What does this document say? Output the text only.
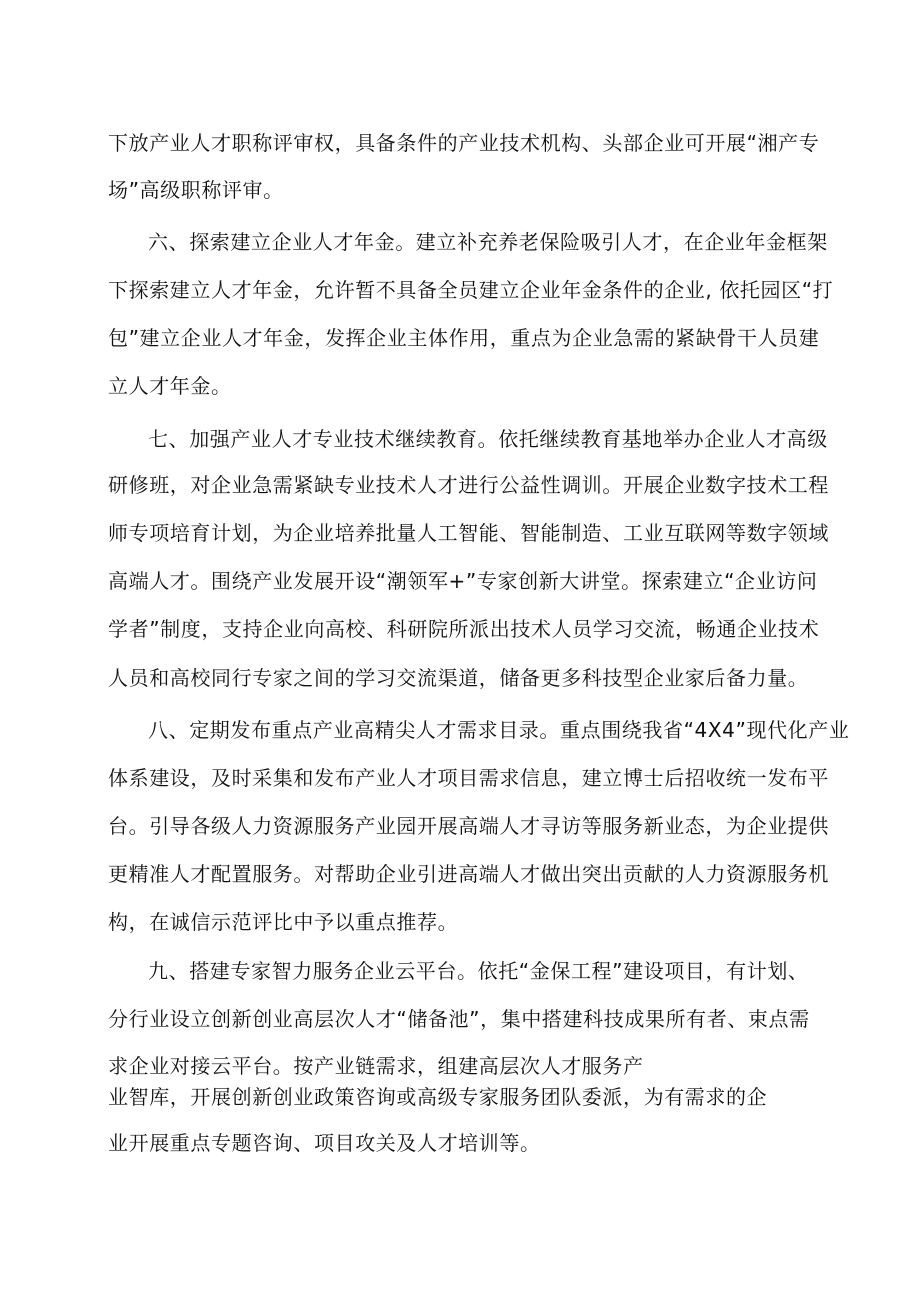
下放产业人才职称评审权，具备条件的产业技术机构、头部企业可开展“湘产专
场”高级职称评审。
六、探索建立企业人才年金。建立补充养老保险吸引人才，在企业年金框架
下探索建立人才年金，允许暂不具备全员建立企业年金条件的企业, 依托园区“打
包”建立企业人才年金，发挥企业主体作用，重点为企业急需的紧缺骨干人员建
立人才年金。
七、加强产业人才专业技术继续教育。依托继续教育基地举办企业人才高级
研修班，对企业急需紧缺专业技术人才进行公益性调训。开展企业数字技术工程
师专项培育计划，为企业培养批量人工智能、智能制造、工业互联网等数字领域
高端人才。围绕产业发展开设“潮领军+”专家创新大讲堂。探索建立“企业访问
学者”制度，支持企业向高校、科研院所派出技术人员学习交流，畅通企业技术
人员和高校同行专家之间的学习交流渠道，储备更多科技型企业家后备力量。
八、定期发布重点产业高精尖人才需求目录。重点围绕我省“4X4”现代化产业
体系建设，及时采集和发布产业人才项目需求信息，建立博士后招收统一发布平
台。引导各级人力资源服务产业园开展高端人才寻访等服务新业态，为企业提供
更精准人才配置服务。对帮助企业引进高端人才做出突出贡献的人力资源服务机
构，在诚信示范评比中予以重点推荐。
九、搭建专家智力服务企业云平台。依托“金保工程”建设项目，有计划、
分行业设立创新创业高层次人才“储备池”，集中搭建科技成果所有者、束点需
求企业对接云平台。按产业链需求，组建高层次人才服务产
业智库，开展创新创业政策咨询或高级专家服务团队委派，为有需求的企
业开展重点专题咨询、项目攻关及人才培训等。
